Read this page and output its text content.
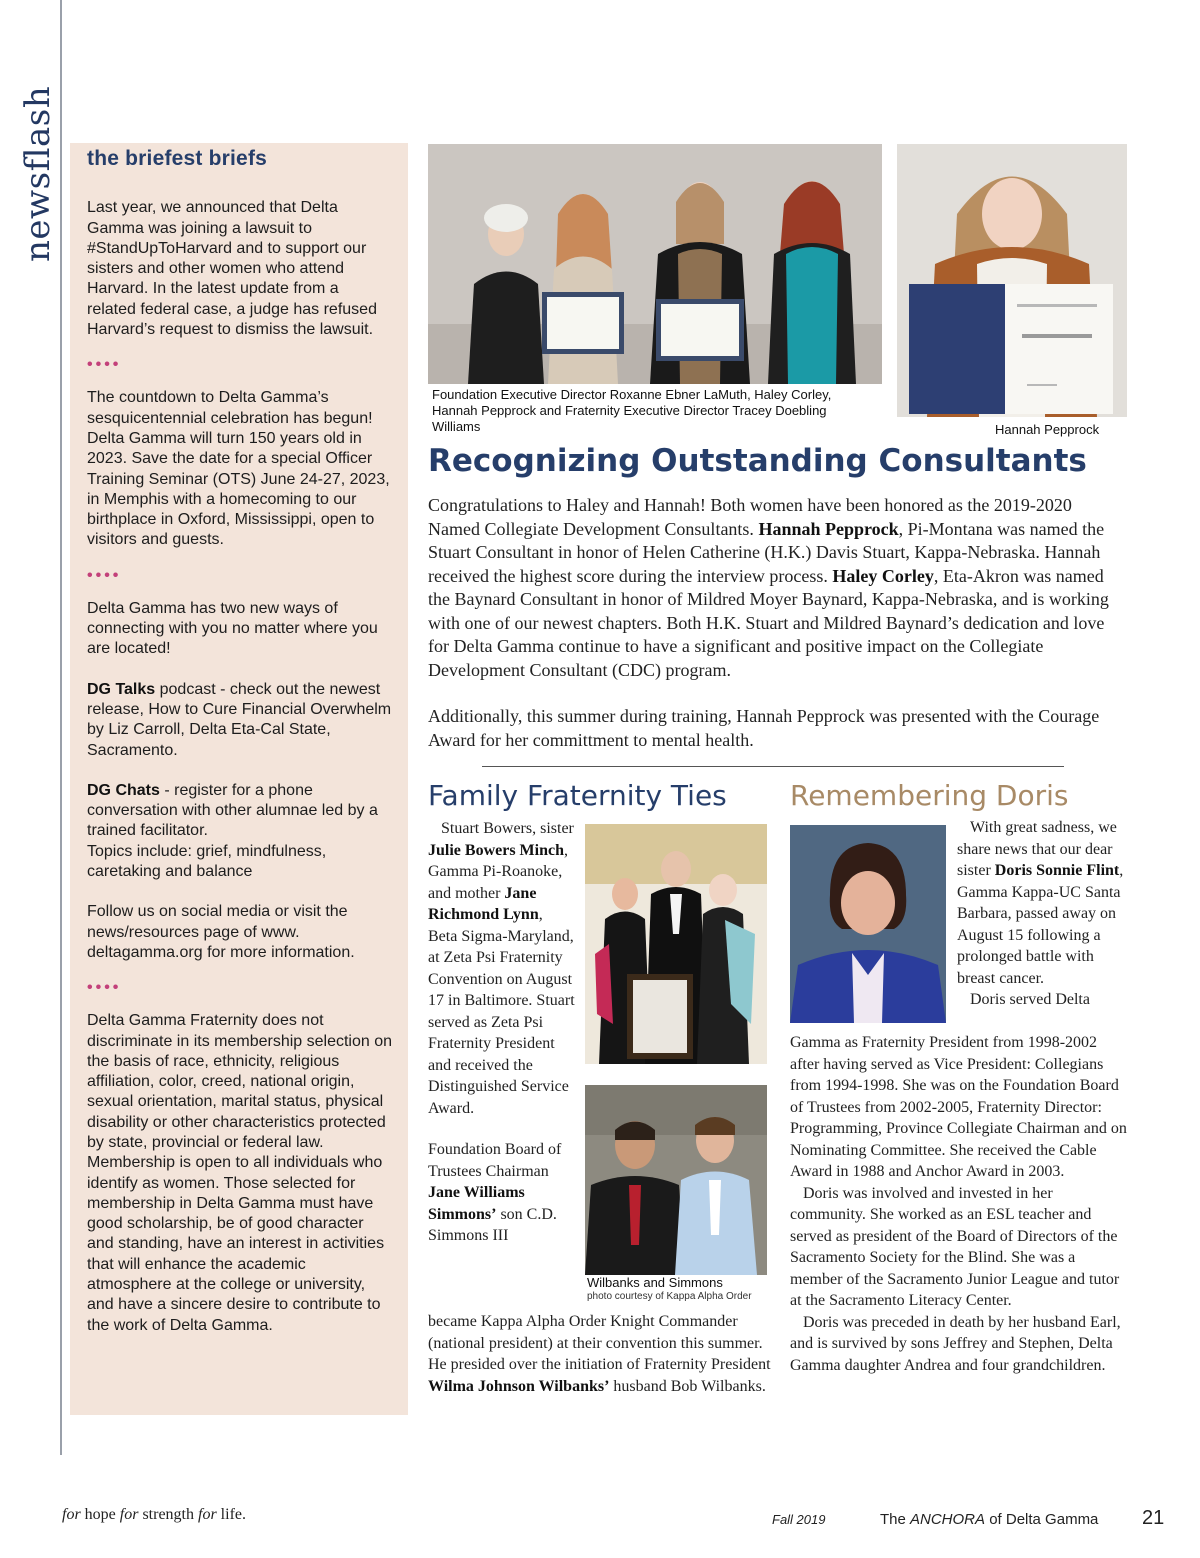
newsflash the briefest briefs

Last year, we announced that Delta Gamma was joining a lawsuit to #StandUpToHarvard and to support our sisters and other women who attend Harvard. In the latest update from a related federal case, a judge has refused Harvard’s request to dismiss the lawsuit.

••••

The countdown to Delta Gamma’s sesquicentennial celebration has begun! Delta Gamma will turn 150 years old in 2023. Save the date for a special Officer Training Seminar (OTS) June 24-27, 2023, in Memphis with a homecoming to our birthplace in Oxford, Mississippi, open to visitors and guests.

••••

Delta Gamma has two new ways of connecting with you no matter where you are located!

DG Talks podcast - check out the newest release, How to Cure Financial Overwhelm by Liz Carroll, Delta Eta-Cal State, Sacramento.

DG Chats - register for a phone conversation with other alumnae led by a trained facilitator.
Topics include: grief, mindfulness, caretaking and balance

Follow us on social media or visit the news/resources page of www. deltagamma.org for more information.

••••

Delta Gamma Fraternity does not discriminate in its membership selection on the basis of race, ethnicity, religious affiliation, color, creed, national origin, sexual orientation, marital status, physical disability or other characteristics protected by state, provincial or federal law. Membership is open to all individuals who identify as women. Those selected for membership in Delta Gamma must have good scholarship, be of good character and standing, have an interest in activities that will enhance the academic atmosphere at the college or university, and have a sincere desire to contribute to the work of Delta Gamma.

Foundation Executive Director Roxanne Ebner LaMuth, Haley Corley, Hannah Pepprock and Fraternity Executive Director Tracey Doebling Williams	Hannah Pepprock
Recognizing Outstanding Consultants

Congratulations to Haley and Hannah! Both women have been honored as the 2019-2020 Named Collegiate Development Consultants. Hannah Pepprock, Pi-Montana was named the Stuart Consultant in honor of Helen Catherine (H.K.) Davis Stuart, Kappa-Nebraska. Hannah received the highest score during the interview process. Haley Corley, Eta-Akron was named the Baynard Consultant in honor of Mildred Moyer Baynard, Kappa-Nebraska, and is working with one of our newest chapters. Both H.K. Stuart and Mildred Baynard’s dedication and love for Delta Gamma continue to have a significant and positive impact on the Collegiate Development Consultant (CDC) program.

Additionally, this summer during training, Hannah Pepprock was presented with the Courage Award for her committment to mental health.

Family Fraternity Ties Remembering Doris

Stuart Bowers, sister Julie Bowers Minch, Gamma Pi-Roanoke, and mother Jane Richmond Lynn, Beta Sigma-Maryland, at Zeta Psi Fraternity Convention on August 17 in Baltimore. Stuart served as Zeta Psi Fraternity President and received the Distinguished Service Award.

Foundation Board of Trustees Chairman Jane Williams Simmons’ son C.D. Simmons III

became Kappa Alpha Order Knight Commander (national president) at their convention this summer. He presided over the initiation of Fraternity President Wilma Johnson Wilbanks’ husband Bob Wilbanks.

Wilbanks and Simmons
photo courtesy of Kappa Alpha Order

With great sadness, we share news that our dear sister Doris Sonnie Flint, Gamma Kappa-UC Santa Barbara, passed away on August 15 following a prolonged battle with breast cancer.

Doris served Delta

Gamma as Fraternity President from 1998-2002 after having served as Vice President: Collegians from 1994-1998. She was on the Foundation Board of Trustees from 2002-2005, Fraternity Director: Programming, Province Collegiate Chairman and on Nominating Committee. She received the Cable Award in 1988 and Anchor Award in 2003.

Doris was involved and invested in her community. She worked as an ESL teacher and served as president of the Board of Directors of the Sacramento Society for the Blind. She was a member of the Sacramento Junior League and tutor at the Sacramento Literacy Center.

Doris was preceded in death by her husband Earl, and is survived by sons Jeffrey and Stephen, Delta Gamma daughter Andrea and four grandchildren.

for hope for strength for life.	Fall 2019	The ANCHORA of Delta Gamma 21
